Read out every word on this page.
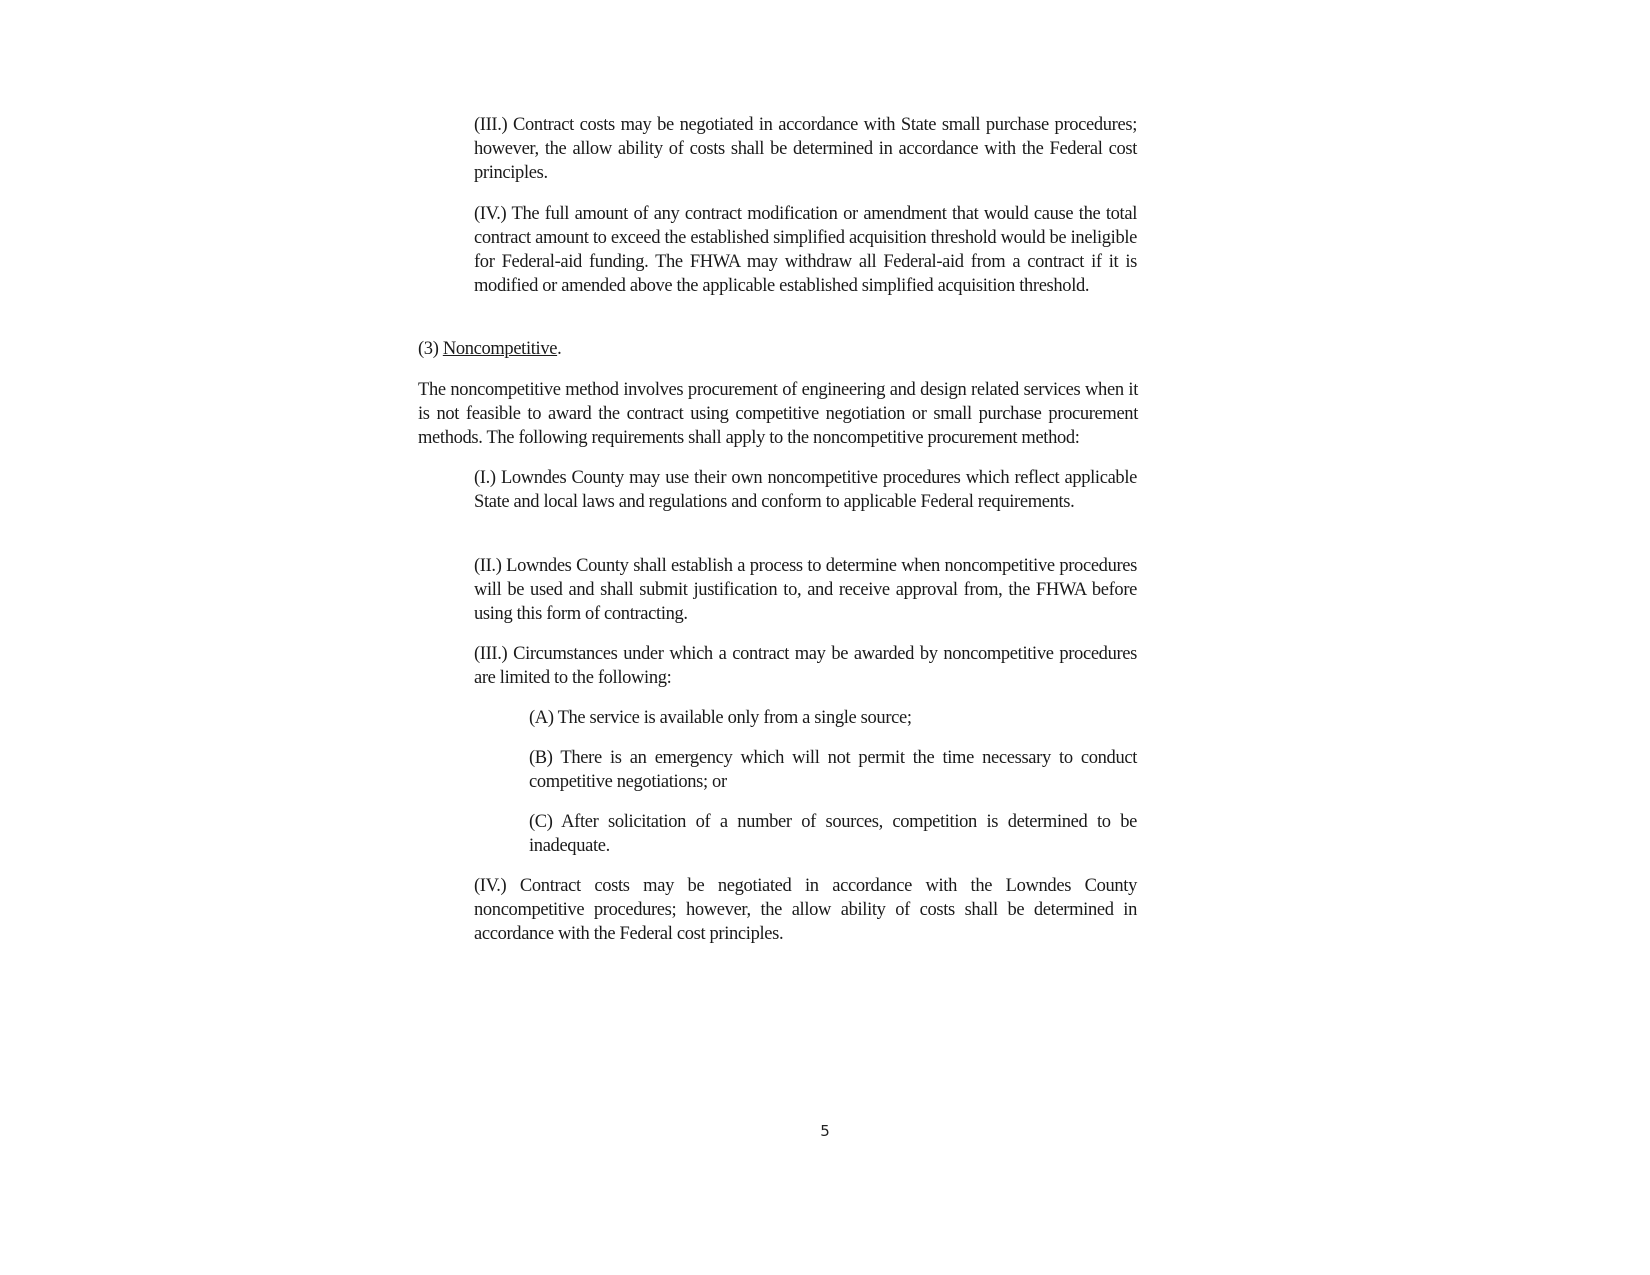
(III.) Contract costs may be negotiated in accordance with State small purchase procedures; however, the allow ability of costs shall be determined in accordance with the Federal cost principles.

(IV.) The full amount of any contract modification or amendment that would cause the total contract amount to exceed the established simplified acquisition threshold would be ineligible for Federal-aid funding. The FHWA may withdraw all Federal-aid from a contract if it is modified or amended above the applicable established simplified acquisition threshold.

(3) Noncompetitive.

The noncompetitive method involves procurement of engineering and design related services when it is not feasible to award the contract using competitive negotiation or small purchase procurement methods. The following requirements shall apply to the noncompetitive procurement method:

(I.) Lowndes County may use their own noncompetitive procedures which reflect applicable State and local laws and regulations and conform to applicable Federal requirements.

(II.) Lowndes County shall establish a process to determine when noncompetitive procedures will be used and shall submit justification to, and receive approval from, the FHWA before using this form of contracting.

(III.) Circumstances under which a contract may be awarded by noncompetitive procedures are limited to the following:

(A) The service is available only from a single source;

(B) There is an emergency which will not permit the time necessary to conduct competitive negotiations; or

(C) After solicitation of a number of sources, competition is determined to be inadequate.

(IV.) Contract costs may be negotiated in accordance with the Lowndes County noncompetitive procedures; however, the allow ability of costs shall be determined in accordance with the Federal cost principles.

5
